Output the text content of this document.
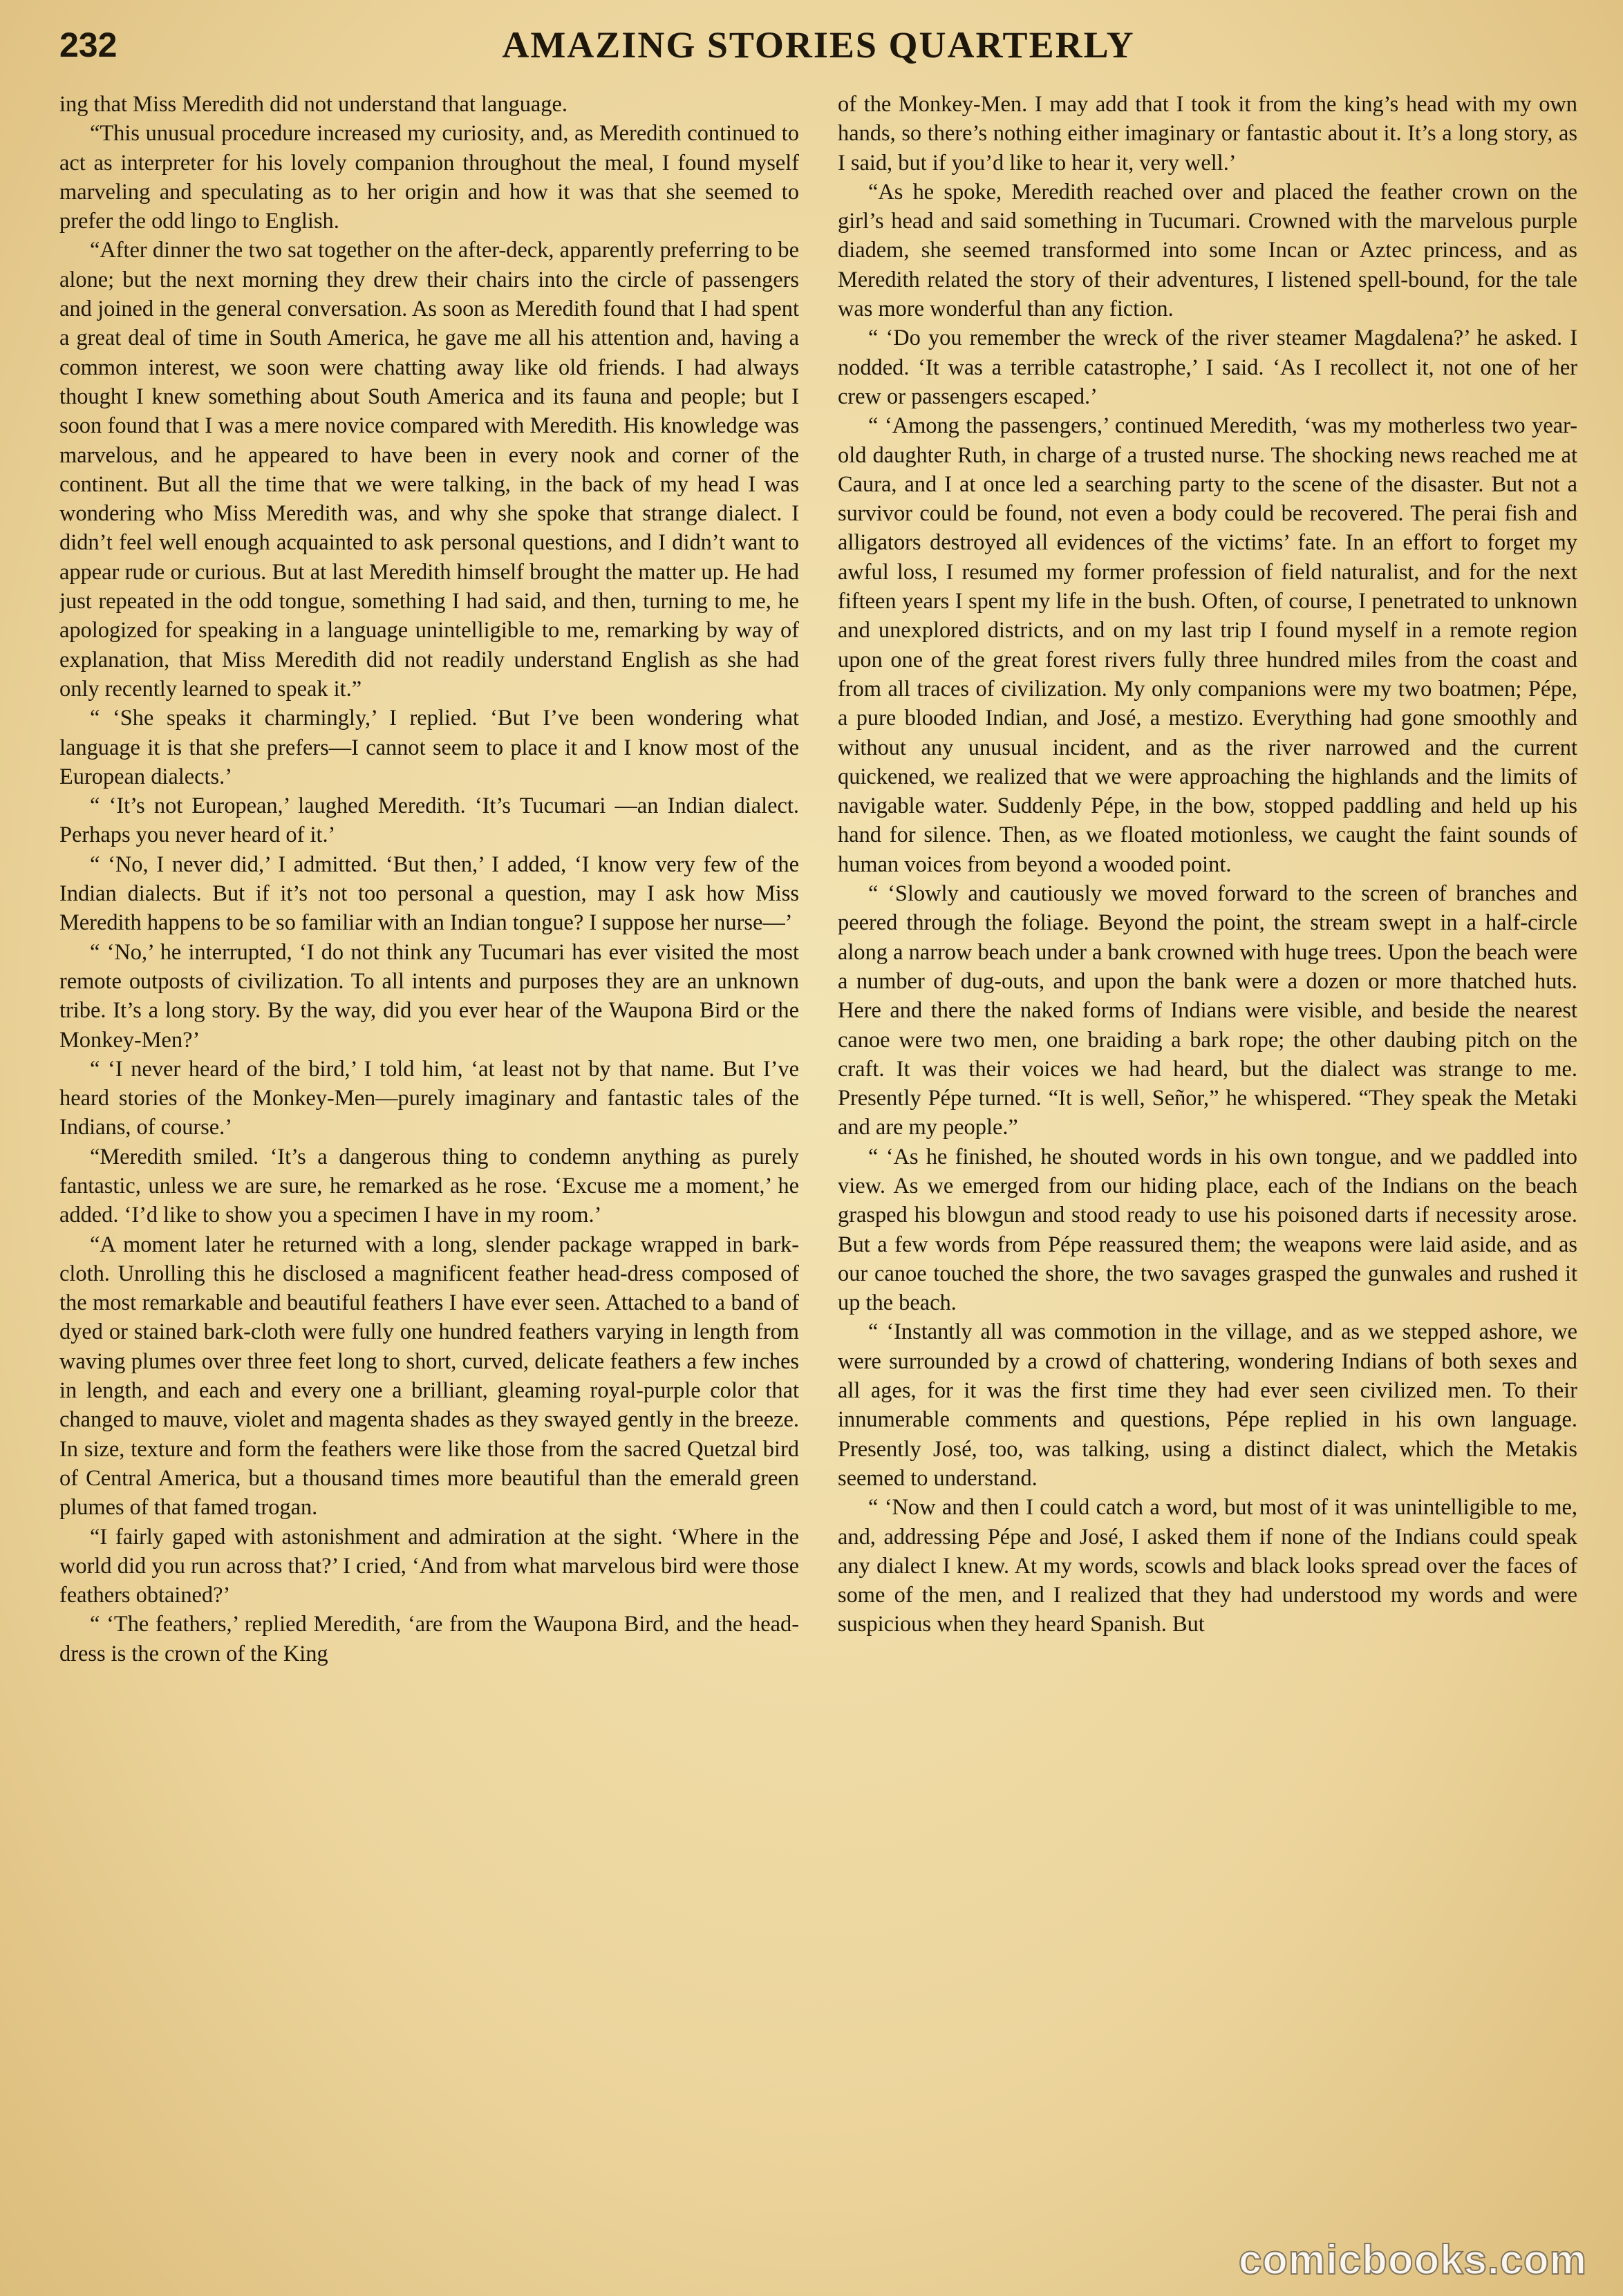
232	AMAZING STORIES QUARTERLY

ing that Miss Meredith did not understand that language.

“This unusual procedure increased my curiosity, and, as Meredith continued to act as interpreter for his lovely companion throughout the meal, I found myself marveling and speculating as to her origin and how it was that she seemed to prefer the odd lingo to English.

“After dinner the two sat together on the after-deck, apparently preferring to be alone; but the next morning they drew their chairs into the circle of passengers and joined in the general conversation. As soon as Meredith found that I had spent a great deal of time in South America, he gave me all his attention and, having a common interest, we soon were chatting away like old friends. I had always thought I knew something about South America and its fauna and people; but I soon found that I was a mere novice compared with Meredith. His knowledge was marvelous, and he appeared to have been in every nook and corner of the continent. But all the time that we were talking, in the back of my head I was wondering who Miss Meredith was, and why she spoke that strange dialect. I didn’t feel well enough acquainted to ask personal questions, and I didn’t want to appear rude or curious. But at last Meredith himself brought the matter up. He had just repeated in the odd tongue, something I had said, and then, turning to me, he apologized for speaking in a language unintelligible to me, remarking by way of explanation, that Miss Meredith did not readily understand English as she had only recently learned to speak it.”

“ ‘She speaks it charmingly,’ I replied. ‘But I’ve been wondering what language it is that she prefers—I cannot seem to place it and I know most of the European dialects.’

“ ‘It’s not European,’ laughed Meredith. ‘It’s Tucumari —an Indian dialect. Perhaps you never heard of it.’

“ ‘No, I never did,’ I admitted. ‘But then,’ I added, ‘I know very few of the Indian dialects. But if it’s not too personal a question, may I ask how Miss Meredith happens to be so familiar with an Indian tongue? I suppose her nurse—’

“ ‘No,’ he interrupted, ‘I do not think any Tucumari has ever visited the most remote outposts of civilization. To all intents and purposes they are an unknown tribe. It’s a long story. By the way, did you ever hear of the Waupona Bird or the Monkey-Men?’

“ ‘I never heard of the bird,’ I told him, ‘at least not by that name. But I’ve heard stories of the Monkey-Men—purely imaginary and fantastic tales of the Indians, of course.’

“Meredith smiled. ‘It’s a dangerous thing to condemn anything as purely fantastic, unless we are sure, he remarked as he rose. ‘Excuse me a moment,’ he added. ‘I’d like to show you a specimen I have in my room.’

“A moment later he returned with a long, slender package wrapped in bark-cloth. Unrolling this he disclosed a magnificent feather head-dress composed of the most remarkable and beautiful feathers I have ever seen. Attached to a band of dyed or stained bark-cloth were fully one hundred feathers varying in length from waving plumes over three feet long to short, curved, delicate feathers a few inches in length, and each and every one a brilliant, gleaming royal-purple color that changed to mauve, violet and magenta shades as they swayed gently in the breeze. In size, texture and form the feathers were like those from the sacred Quetzal bird of Central America, but a thousand times more beautiful than the emerald green plumes of that famed trogan.

“I fairly gaped with astonishment and admiration at the sight. ‘Where in the world did you run across that?’ I cried, ‘And from what marvelous bird were those feathers obtained?’

“ ‘The feathers,’ replied Meredith, ‘are from the Waupona Bird, and the head-dress is the crown of the King

of the Monkey-Men. I may add that I took it from the king’s head with my own hands, so there’s nothing either imaginary or fantastic about it. It’s a long story, as I said, but if you’d like to hear it, very well.’

“As he spoke, Meredith reached over and placed the feather crown on the girl’s head and said something in Tucumari. Crowned with the marvelous purple diadem, she seemed transformed into some Incan or Aztec princess, and as Meredith related the story of their adventures, I listened spell-bound, for the tale was more wonderful than any fiction.

“ ‘Do you remember the wreck of the river steamer Magdalena?’ he asked. I nodded. ‘It was a terrible catastrophe,’ I said. ‘As I recollect it, not one of her crew or passengers escaped.’

“ ‘Among the passengers,’ continued Meredith, ‘was my motherless two year-old daughter Ruth, in charge of a trusted nurse. The shocking news reached me at Caura, and I at once led a searching party to the scene of the disaster. But not a survivor could be found, not even a body could be recovered. The perai fish and alligators destroyed all evidences of the victims’ fate. In an effort to forget my awful loss, I resumed my former profession of field naturalist, and for the next fifteen years I spent my life in the bush. Often, of course, I penetrated to unknown and unexplored districts, and on my last trip I found myself in a remote region upon one of the great forest rivers fully three hundred miles from the coast and from all traces of civilization. My only companions were my two boatmen; Pépe, a pure blooded Indian, and José, a mestizo. Everything had gone smoothly and without any unusual incident, and as the river narrowed and the current quickened, we realized that we were approaching the highlands and the limits of navigable water. Suddenly Pépe, in the bow, stopped paddling and held up his hand for silence. Then, as we floated motionless, we caught the faint sounds of human voices from beyond a wooded point.

“ ‘Slowly and cautiously we moved forward to the screen of branches and peered through the foliage. Beyond the point, the stream swept in a half-circle along a narrow beach under a bank crowned with huge trees. Upon the beach were a number of dug-outs, and upon the bank were a dozen or more thatched huts. Here and there the naked forms of Indians were visible, and beside the nearest canoe were two men, one braiding a bark rope; the other daubing pitch on the craft. It was their voices we had heard, but the dialect was strange to me. Presently Pépe turned. “It is well, Señor,” he whispered. “They speak the Metaki and are my people.”

“ ‘As he finished, he shouted words in his own tongue, and we paddled into view. As we emerged from our hiding place, each of the Indians on the beach grasped his blowgun and stood ready to use his poisoned darts if necessity arose. But a few words from Pépe reassured them; the weapons were laid aside, and as our canoe touched the shore, the two savages grasped the gunwales and rushed it up the beach.

“ ‘Instantly all was commotion in the village, and as we stepped ashore, we were surrounded by a crowd of chattering, wondering Indians of both sexes and all ages, for it was the first time they had ever seen civilized men. To their innumerable comments and questions, Pépe replied in his own language. Presently José, too, was talking, using a distinct dialect, which the Metakis seemed to understand.

“ ‘Now and then I could catch a word, but most of it was unintelligible to me, and, addressing Pépe and José, I asked them if none of the Indians could speak any dialect I knew. At my words, scowls and black looks spread over the faces of some of the men, and I realized that they had understood my words and were suspicious when they heard Spanish. But

comicbooks.com
